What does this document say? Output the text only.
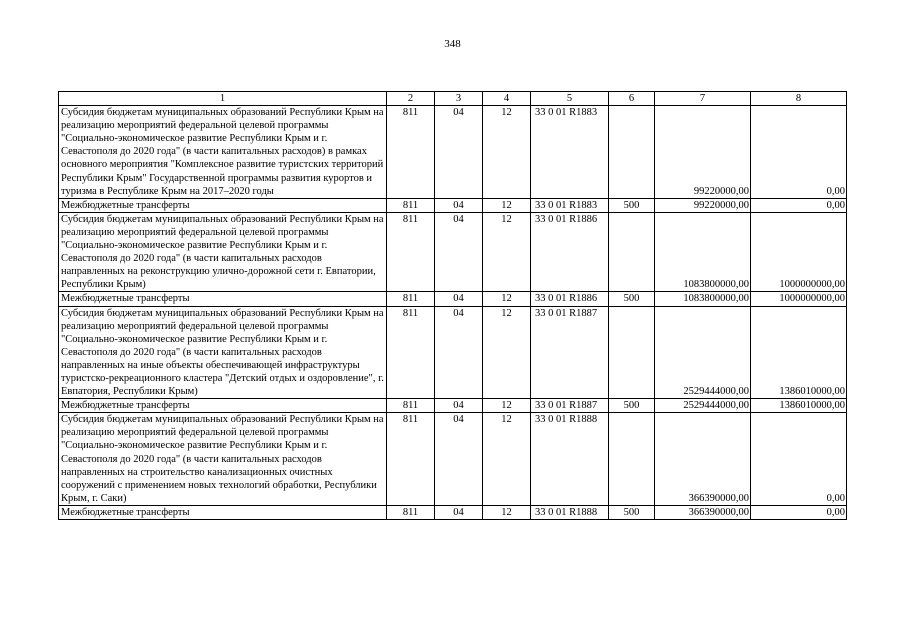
348
1	2	3	4	5	6	7	8
Субсидия бюджетам муниципальных образований Республики Крым на реализацию мероприятий федеральной целевой программы "Социально-экономическое развитие Республики Крым и г. Севастополя до 2020 года" (в части капитальных расходов) в рамках основного мероприятия "Комплексное развитие туристских территорий Республики Крым" Государственной программы развития курортов и туризма в Республике Крым на 2017–2020 годы	811	04	12	33 0 01 R1883		99220000,00	0,00
Межбюджетные трансферты	811	04	12	33 0 01 R1883	500	99220000,00	0,00
Субсидия бюджетам муниципальных образований Республики Крым на реализацию мероприятий федеральной целевой программы "Социально-экономическое развитие Республики Крым и г. Севастополя до 2020 года" (в части капитальных расходов направленных на реконструкцию улично-дорожной сети г. Евпатории, Республики Крым)	811	04	12	33 0 01 R1886		1083800000,00	1000000000,00
Межбюджетные трансферты	811	04	12	33 0 01 R1886	500	1083800000,00	1000000000,00
Субсидия бюджетам муниципальных образований Республики Крым на реализацию мероприятий федеральной целевой программы "Социально-экономическое развитие Республики Крым и г. Севастополя до 2020 года" (в части капитальных расходов направленных на иные объекты обеспечивающей инфраструктуры туристско-рекреационного кластера "Детский отдых и оздоровление", г. Евпатория, Республики Крым)	811	04	12	33 0 01 R1887		2529444000,00	1386010000,00
Межбюджетные трансферты	811	04	12	33 0 01 R1887	500	2529444000,00	1386010000,00
Субсидия бюджетам муниципальных образований Республики Крым на реализацию мероприятий федеральной целевой программы "Социально-экономическое развитие Республики Крым и г. Севастополя до 2020 года" (в части капитальных расходов направленных на строительство канализационных очистных сооружений с применением новых технологий обработки, Республики Крым, г. Саки)	811	04	12	33 0 01 R1888		366390000,00	0,00
Межбюджетные трансферты	811	04	12	33 0 01 R1888	500	366390000,00	0,00
